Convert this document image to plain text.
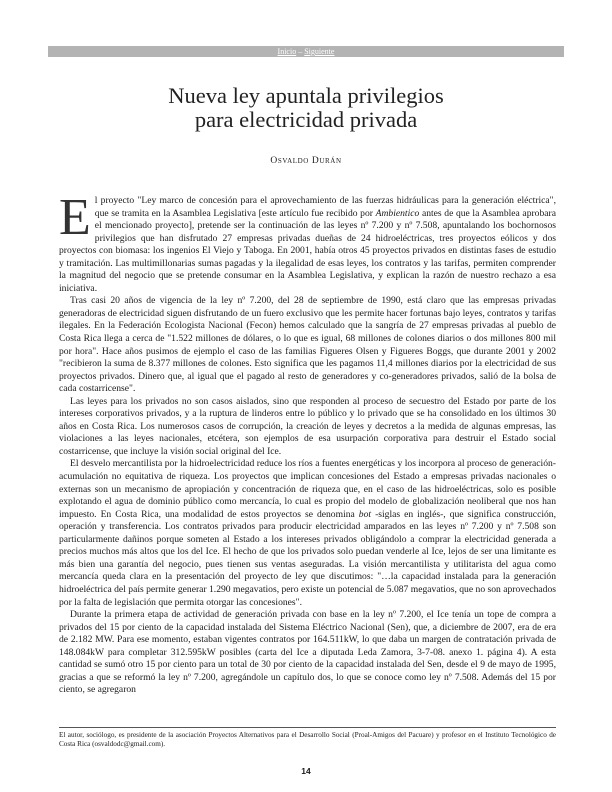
Inicio – Siguiente
Nueva ley apuntala privilegios
para electricidad privada

Osvaldo Durán

El proyecto "Ley marco de concesión para el aprovechamiento de las fuerzas hidráulicas para la generación eléctrica", que se tramita en la Asamblea Legislativa [este artículo fue recibido por Ambientico antes de que la Asamblea aprobara el mencionado proyecto], pretende ser la continuación de las leyes nº 7.200 y nº 7.508, apuntalando los bochornosos privilegios que han disfrutado 27 empresas privadas dueñas de 24 hidroeléctricas, tres proyectos eólicos y dos proyectos con biomasa: los ingenios El Viejo y Taboga. En 2001, había otros 45 proyectos privados en distintas fases de estudio y tramitación. Las multimillonarias sumas pagadas y la ilegalidad de esas leyes, los contratos y las tarifas, permiten comprender la magnitud del negocio que se pretende consumar en la Asamblea Legislativa, y explican la razón de nuestro rechazo a esa iniciativa.

Tras casi 20 años de vigencia de la ley nº 7.200, del 28 de septiembre de 1990, está claro que las empresas privadas generadoras de electricidad siguen disfrutando de un fuero exclusivo que les permite hacer fortunas bajo leyes, contratos y tarifas ilegales. En la Federación Ecologista Nacional (Fecon) hemos calculado que la sangría de 27 empresas privadas al pueblo de Costa Rica llega a cerca de "1.522 millones de dólares, o lo que es igual, 68 millones de colones diarios o dos millones 800 mil por hora". Hace años pusimos de ejemplo el caso de las familias Figueres Olsen y Figueres Boggs, que durante 2001 y 2002 "recibieron la suma de 8.377 millones de colones. Esto significa que les pagamos 11,4 millones diarios por la electricidad de sus proyectos privados. Dinero que, al igual que el pagado al resto de generadores y co-generadores privados, salió de la bolsa de cada costarricense".

Las leyes para los privados no son casos aislados, sino que responden al proceso de secuestro del Estado por parte de los intereses corporativos privados, y a la ruptura de linderos entre lo público y lo privado que se ha consolidado en los últimos 30 años en Costa Rica. Los numerosos casos de corrupción, la creación de leyes y decretos a la medida de algunas empresas, las violaciones a las leyes nacionales, etcétera, son ejemplos de esa usurpación corporativa para destruir el Estado social costarricense, que incluye la visión social original del Ice.

El desvelo mercantilista por la hidroelectricidad reduce los ríos a fuentes energéticas y los incorpora al proceso de generación-acumulación no equitativa de riqueza. Los proyectos que implican concesiones del Estado a empresas privadas nacionales o externas son un mecanismo de apropiación y concentración de riqueza que, en el caso de las hidroeléctricas, solo es posible explotando el agua de dominio público como mercancía, lo cual es propio del modelo de globalización neoliberal que nos han impuesto. En Costa Rica, una modalidad de estos proyectos se denomina bot -siglas en inglés-, que significa construcción, operación y transferencia. Los contratos privados para producir electricidad amparados en las leyes nº 7.200 y nº 7.508 son particularmente dañinos porque someten al Estado a los intereses privados obligándolo a comprar la electricidad generada a precios muchos más altos que los del Ice. El hecho de que los privados solo puedan venderle al Ice, lejos de ser una limitante es más bien una garantía del negocio, pues tienen sus ventas aseguradas. La visión mercantilista y utilitarista del agua como mercancía queda clara en la presentación del proyecto de ley que discutimos: "…la capacidad instalada para la generación hidroeléctrica del país permite generar 1.290 megavatios, pero existe un potencial de 5.087 megavatios, que no son aprovechados por la falta de legislación que permita otorgar las concesiones".

Durante la primera etapa de actividad de generación privada con base en la ley nº 7.200, el Ice tenía un tope de compra a privados del 15 por ciento de la capacidad instalada del Sistema Eléctrico Nacional (Sen), que, a diciembre de 2007, era de era de 2.182 MW. Para ese momento, estaban vigentes contratos por 164.511kW, lo que daba un margen de contratación privada de 148.084kW para completar 312.595kW posibles (carta del Ice a diputada Leda Zamora, 3-7-08. anexo 1. página 4). A esta cantidad se sumó otro 15 por ciento para un total de 30 por ciento de la capacidad instalada del Sen, desde el 9 de mayo de 1995, gracias a que se reformó la ley nº 7.200, agregándole un capítulo dos, lo que se conoce como ley nº 7.508. Además del 15 por ciento, se agregaron

El autor, sociólogo, es presidente de la asociación Proyectos Alternativos para el Desarrollo Social (Proal-Amigos del Pacuare) y profesor en el Instituto Tecnológico de Costa Rica (osvaldodc@gmail.com).
14
